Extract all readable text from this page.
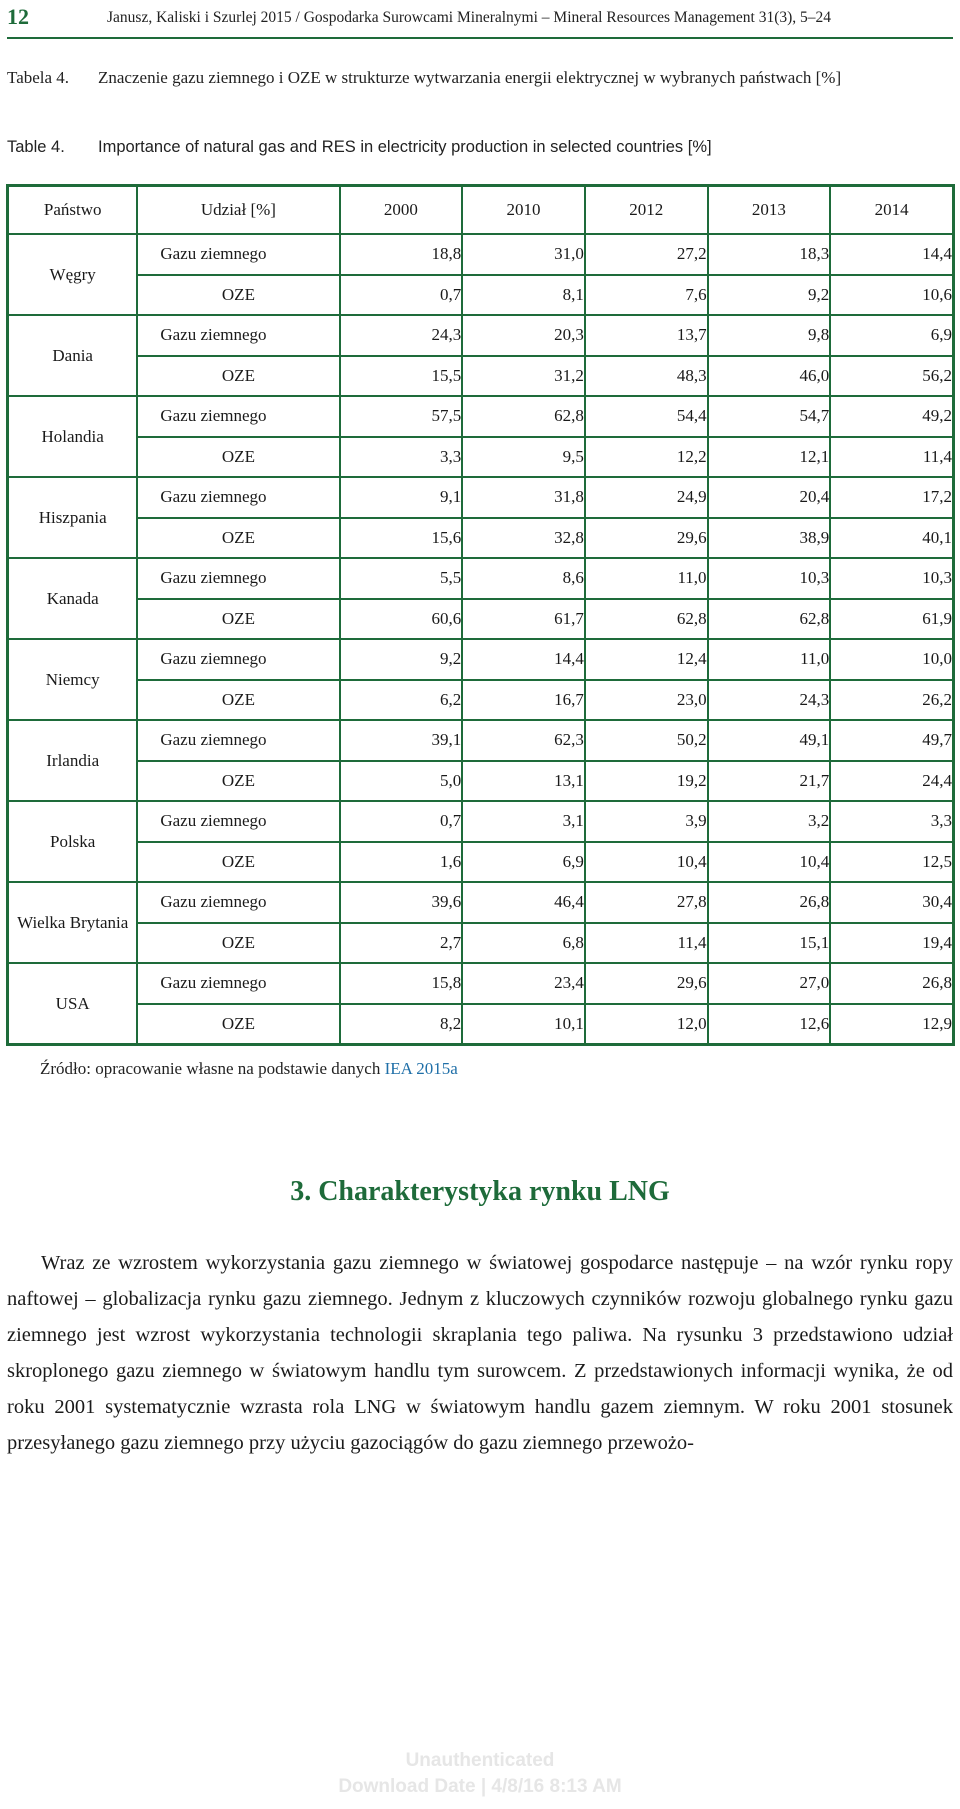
12	Janusz, Kaliski i Szurlej 2015 / Gospodarka Surowcami Mineralnymi – Mineral Resources Management 31(3), 5–24
Tabela 4. Znaczenie gazu ziemnego i OZE w strukturze wytwarzania energii elektrycznej w wybranych państwach [%]
Table 4. Importance of natural gas and RES in electricity production in selected countries [%]
Państwo	Udział [%]	2000	2010	2012	2013	2014
Węgry	Gazu ziemnego	18,8	31,0	27,2	18,3	14,4
	OZE	0,7	8,1	7,6	9,2	10,6
Dania	Gazu ziemnego	24,3	20,3	13,7	9,8	6,9
	OZE	15,5	31,2	48,3	46,0	56,2
Holandia	Gazu ziemnego	57,5	62,8	54,4	54,7	49,2
	OZE	3,3	9,5	12,2	12,1	11,4
Hiszpania	Gazu ziemnego	9,1	31,8	24,9	20,4	17,2
	OZE	15,6	32,8	29,6	38,9	40,1
Kanada	Gazu ziemnego	5,5	8,6	11,0	10,3	10,3
	OZE	60,6	61,7	62,8	62,8	61,9
Niemcy	Gazu ziemnego	9,2	14,4	12,4	11,0	10,0
	OZE	6,2	16,7	23,0	24,3	26,2
Irlandia	Gazu ziemnego	39,1	62,3	50,2	49,1	49,7
	OZE	5,0	13,1	19,2	21,7	24,4
Polska	Gazu ziemnego	0,7	3,1	3,9	3,2	3,3
	OZE	1,6	6,9	10,4	10,4	12,5
Wielka Brytania	Gazu ziemnego	39,6	46,4	27,8	26,8	30,4
	OZE	2,7	6,8	11,4	15,1	19,4
USA	Gazu ziemnego	15,8	23,4	29,6	27,0	26,8
	OZE	8,2	10,1	12,0	12,6	12,9
Źródło: opracowanie własne na podstawie danych IEA 2015a
3. Charakterystyka rynku LNG

Wraz ze wzrostem wykorzystania gazu ziemnego w światowej gospodarce następuje – na wzór rynku ropy naftowej – globalizacja rynku gazu ziemnego. Jednym z kluczowych czynników rozwoju globalnego rynku gazu ziemnego jest wzrost wykorzystania technologii skraplania tego paliwa. Na rysunku 3 przedstawiono udział skroplonego gazu ziemnego w światowym handlu tym surowcem. Z przedstawionych informacji wynika, że od roku 2001 systematycznie wzrasta rola LNG w światowym handlu gazem ziemnym. W roku 2001 stosunek przesyłanego gazu ziemnego przy użyciu gazociągów do gazu ziemnego przewożo-

Unauthenticated
Download Date | 4/8/16 8:13 AM
